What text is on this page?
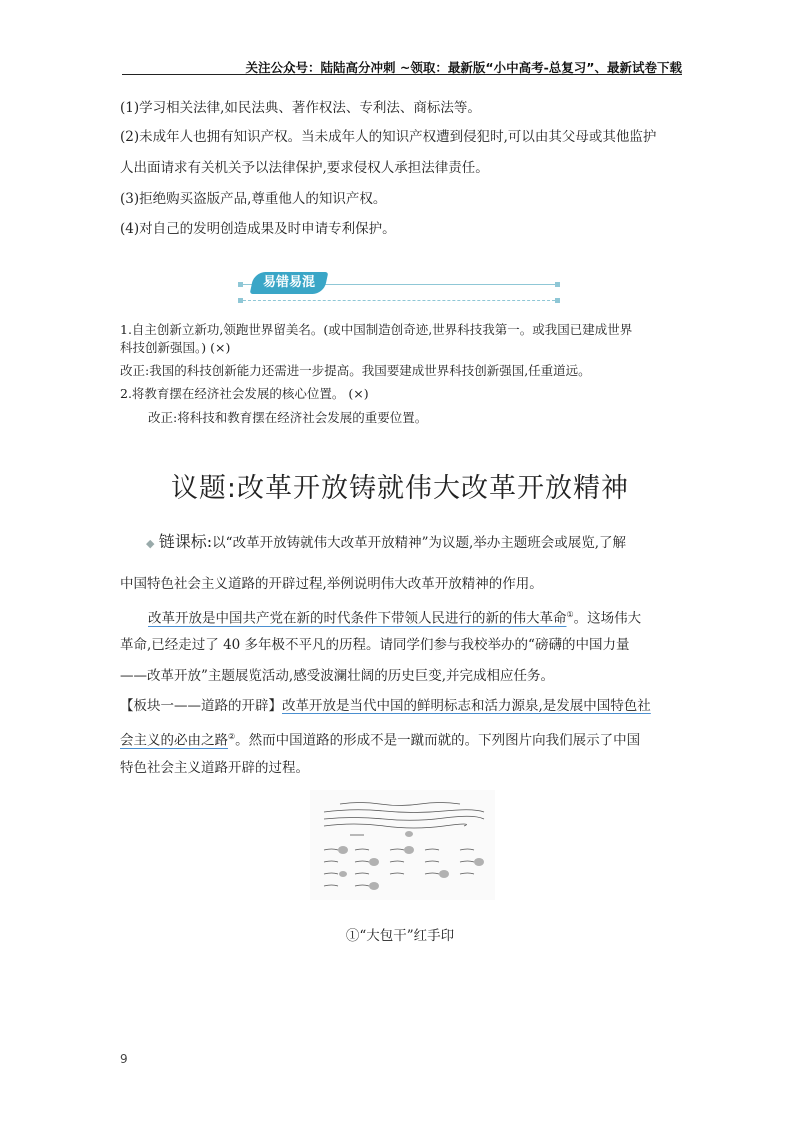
关注公众号：陆陆高分冲刺 ~领取：最新版“小中高考-总复习”、最新试卷下载
(1)学习相关法律,如民法典、著作权法、专利法、商标法等。
(2)未成年人也拥有知识产权。当未成年人的知识产权遭到侵犯时,可以由其父母或其他监护
人出面请求有关机关予以法律保护,要求侵权人承担法律责任。
(3)拒绝购买盗版产品,尊重他人的知识产权。
(4)对自己的发明创造成果及时申请专利保护。
易错易混
1.自主创新立新功,领跑世界留美名。(或中国制造创奇迹,世界科技我第一。或我国已建成世界
科技创新强国。) (×)
改正:我国的科技创新能力还需进一步提高。我国要建成世界科技创新强国,任重道远。
2.将教育摆在经济社会发展的核心位置。 (×)
改正:将科技和教育摆在经济社会发展的重要位置。
议题:改革开放铸就伟大改革开放精神
◆ 链课标:以“改革开放铸就伟大改革开放精神”为议题,举办主题班会或展览,了解
中国特色社会主义道路的开辟过程,举例说明伟大改革开放精神的作用。
改革开放是中国共产党在新的时代条件下带领人民进行的新的伟大革命①。这场伟大
革命,已经走过了 40 多年极不平凡的历程。请同学们参与我校举办的“磅礴的中国力量
——改革开放”主题展览活动,感受波澜壮阔的历史巨变,并完成相应任务。
【板块一——道路的开辟】改革开放是当代中国的鲜明标志和活力源泉,是发展中国特色社
会主义的必由之路②。然而中国道路的形成不是一蹴而就的。下列图片向我们展示了中国
特色社会主义道路开辟的过程。
①“大包干”红手印
9
